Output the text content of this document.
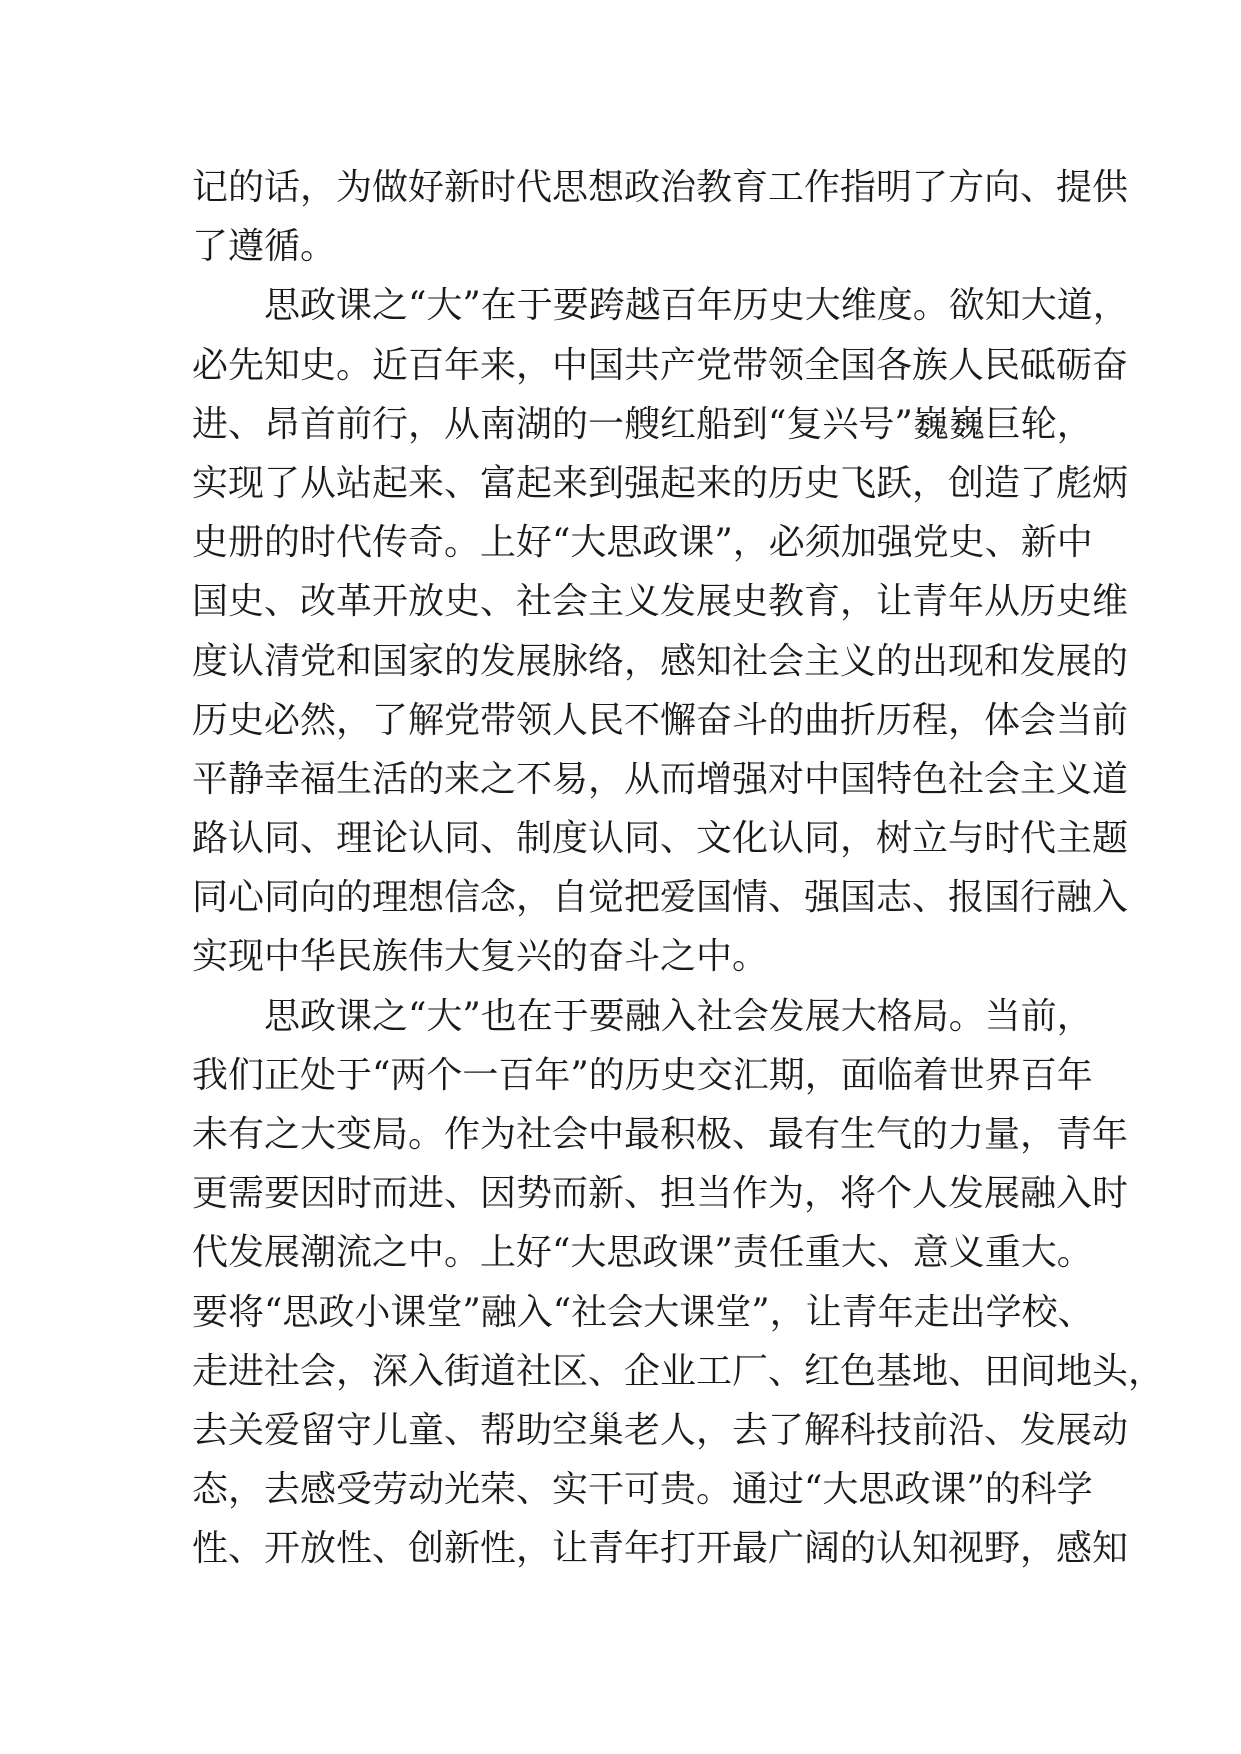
记的话，为做好新时代思想政治教育工作指明了方向、提供
了遵循。
思政课之“大”在于要跨越百年历史大维度。欲知大道，
必先知史。近百年来，中国共产党带领全国各族人民砥砺奋
进、昂首前行，从南湖的一艘红船到“复兴号”巍巍巨轮，
实现了从站起来、富起来到强起来的历史飞跃，创造了彪炳
史册的时代传奇。上好“大思政课”，必须加强党史、新中
国史、改革开放史、社会主义发展史教育，让青年从历史维
度认清党和国家的发展脉络，感知社会主义的出现和发展的
历史必然，了解党带领人民不懈奋斗的曲折历程，体会当前
平静幸福生活的来之不易，从而增强对中国特色社会主义道
路认同、理论认同、制度认同、文化认同，树立与时代主题
同心同向的理想信念，自觉把爱国情、强国志、报国行融入
实现中华民族伟大复兴的奋斗之中。
思政课之“大”也在于要融入社会发展大格局。当前，
我们正处于“两个一百年”的历史交汇期，面临着世界百年
未有之大变局。作为社会中最积极、最有生气的力量，青年
更需要因时而进、因势而新、担当作为，将个人发展融入时
代发展潮流之中。上好“大思政课”责任重大、意义重大。
要将“思政小课堂”融入“社会大课堂”，让青年走出学校、
走进社会，深入街道社区、企业工厂、红色基地、田间地头，
去关爱留守儿童、帮助空巢老人，去了解科技前沿、发展动
态，去感受劳动光荣、实干可贵。通过“大思政课”的科学
性、开放性、创新性，让青年打开最广阔的认知视野，感知
